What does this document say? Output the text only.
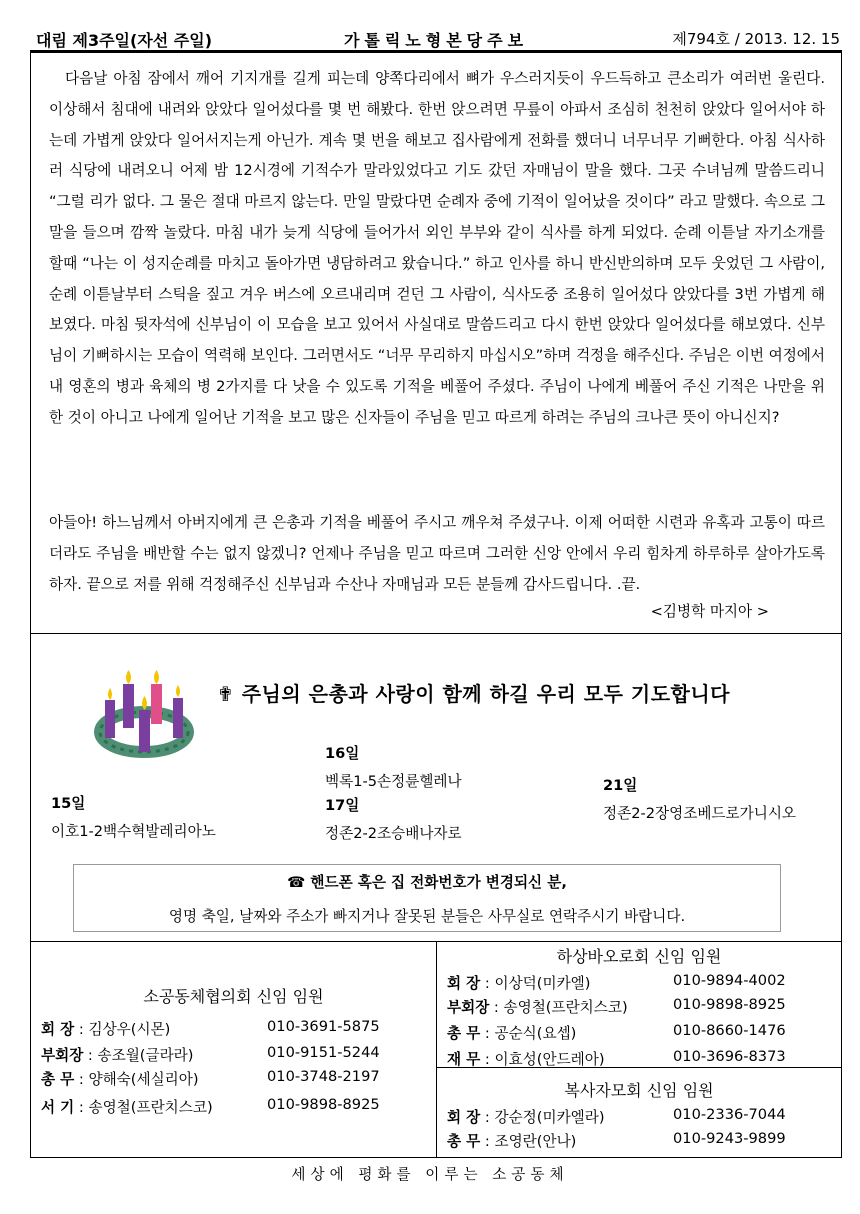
대림 제3주일(자선 주일)	가톨릭노형본당주보	제794호 / 2013. 12. 15

다음날 아침 잠에서 깨어 기지개를 길게 피는데 양쪽다리에서 뼈가 우스러지듯이 우드득하고 큰소리가 여러번 울린다. 이상해서 침대에 내려와 앉았다 일어섰다를 몇 번 해봤다. 한번 앉으려면 무릎이 아파서 조심히 천천히 앉았다 일어서야 하는데 가볍게 앉았다 일어서지는게 아닌가. 계속 몇 번을 해보고 집사람에게 전화를 했더니 너무너무 기뻐한다. 아침 식사하러 식당에 내려오니 어제 밤 12시경에 기적수가 말라있었다고 기도 갔던 자매님이 말을 했다. 그곳 수녀님께 말씀드리니 “그럴 리가 없다. 그 물은 절대 마르지 않는다. 만일 말랐다면 순례자 중에 기적이 일어났을 것이다” 라고 말했다. 속으로 그 말을 들으며 깜짝 놀랐다. 마침 내가 늦게 식당에 들어가서 외인 부부와 같이 식사를 하게 되었다. 순례 이튿날 자기소개를 할때 “나는 이 성지순례를 마치고 돌아가면 냉담하려고 왔습니다.” 하고 인사를 하니 반신반의하며 모두 웃었던 그 사람이, 순례 이튿날부터 스틱을 짚고 겨우 버스에 오르내리며 걷던 그 사람이, 식사도중 조용히 일어섰다 앉았다를 3번 가볍게 해보였다. 마침 뒷자석에 신부님이 이 모습을 보고 있어서 사실대로 말씀드리고 다시 한번 앉았다 일어섰다를 해보였다. 신부님이 기뻐하시는 모습이 역력해 보인다. 그러면서도 “너무 무리하지 마십시오”하며 걱정을 해주신다. 주님은 이번 여정에서 내 영혼의 병과 육체의 병 2가지를 다 낫을 수 있도록 기적을 베풀어 주셨다. 주님이 나에게 베풀어 주신 기적은 나만을 위한 것이 아니고 나에게 일어난 기적을 보고 많은 신자들이 주님을 믿고 따르게 하려는 주님의 크나큰 뜻이 아니신지?

아들아! 하느님께서 아버지에게 큰 은총과 기적을 베풀어 주시고 깨우쳐 주셨구나. 이제 어떠한 시련과 유혹과 고통이 따르더라도 주님을 배반할 수는 없지 않겠니? 언제나 주님을 믿고 따르며 그러한 신앙 안에서 우리 힘차게 하루하루 살아가도록 하자. 끝으로 저를 위해 걱정해주신 신부님과 수산나 자매님과 모든 분들께 감사드립니다. .끝.

<김병학 마지아 >
✟ 주님의 은총과 사랑이 함께 하길 우리 모두 기도합니다
16일
벡록1-5손정륜헬레나
17일
정존2-2조승배나자로
15일
이호1-2백수혁발레리아노
21일
정존2-2장영조베드로가니시오
☎ 핸드폰 혹은 집 전화번호가 변경되신 분,
영명 축일, 날짜와 주소가 빠지거나 잘못된 분들은 사무실로 연락주시기 바랍니다.
소공동체협의회 신임 임원
회 장 : 김상우(시몬)	010-3691-5875
부회장 : 송조월(글라라)	010-9151-5244
총 무 : 양해숙(세실리아)	010-3748-2197
서 기 : 송영철(프란치스코)	010-9898-8925
하상바오로회 신임 임원
회 장 : 이상덕(미카엘)	010-9894-4002
부회장 : 송영철(프란치스코)	010-9898-8925
총 무 : 공순식(요셉)	010-8660-1476
재 무 : 이효성(안드레아)	010-3696-8373
복사자모회 신임 임원
회 장 : 강순정(미카엘라)	010-2336-7044
총 무 : 조영란(안나)	010-9243-9899
세상에 평화를 이루는 소공동체
